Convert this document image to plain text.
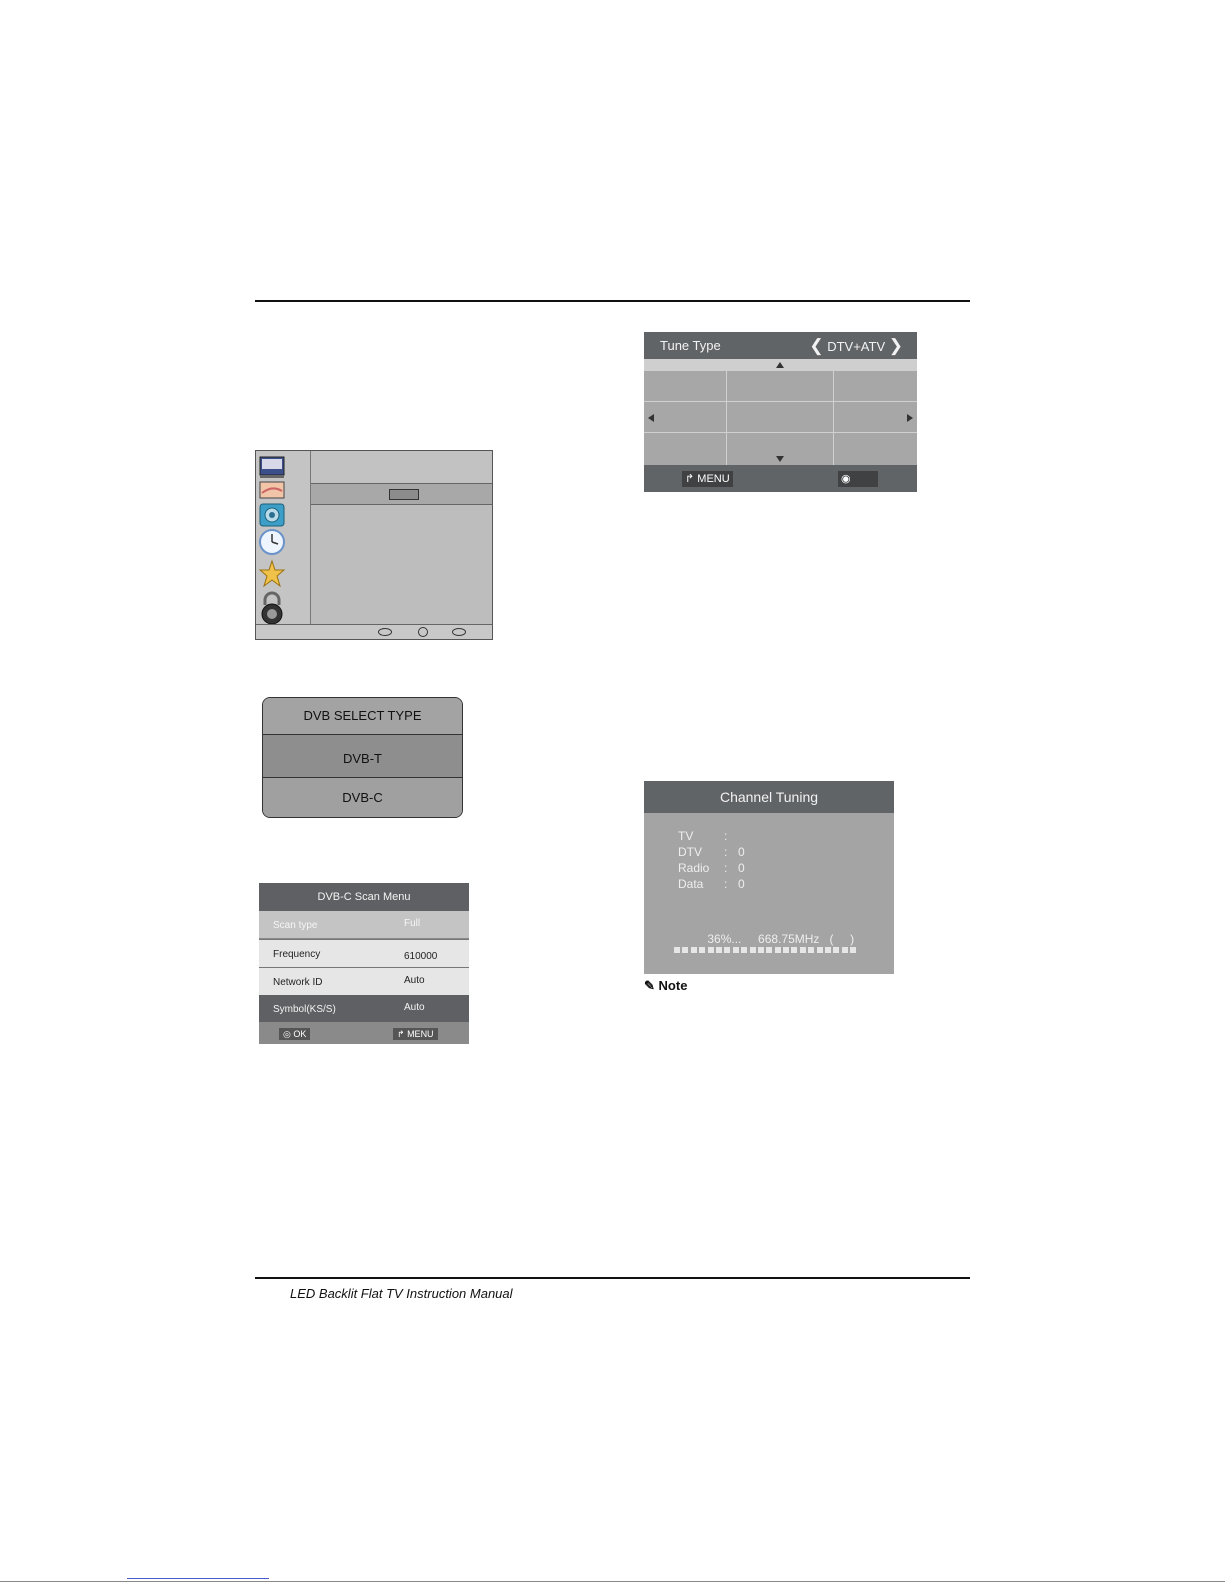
DVB SELECT TYPE
DVB-T
DVB-C
DVB-C Scan Menu
Scan type	Full
Frequency	610000
Network ID	Auto
Symbol(KS/S)	Auto
◎ OK	↱ MENU
Tune Type	❮ DTV+ATV ❯
↱ MENU	◉
Channel Tuning
TV	:
DTV : 0
Radio : 0
Data : 0

36%... 668.75MHz (     )

✎ Note
LED Backlit Flat TV Instruction Manual
